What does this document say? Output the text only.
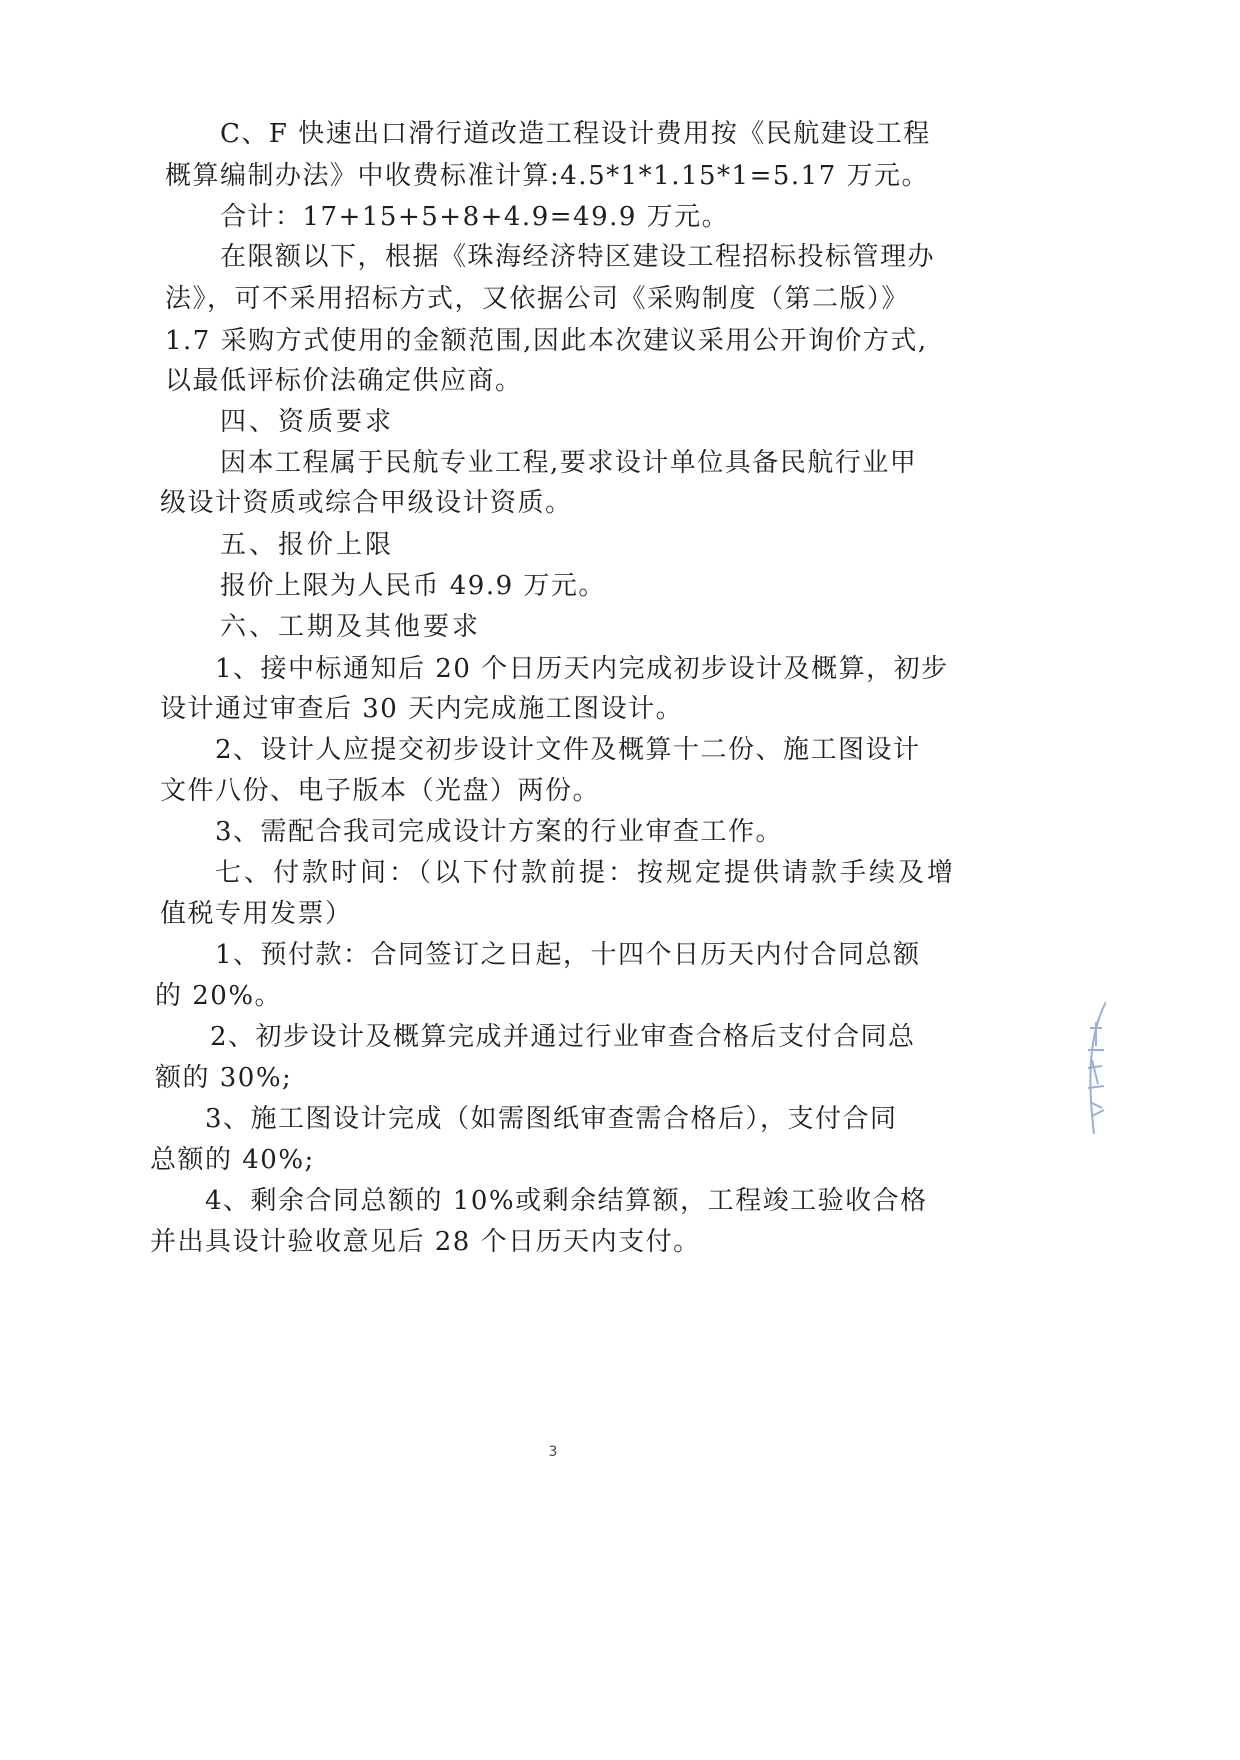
C、F 快速出口滑行道改造工程设计费用按《民航建设工程
概算编制办法》中收费标准计算:4.5*1*1.15*1=5.17 万元。
合计：17+15+5+8+4.9=49.9 万元。
在限额以下，根据《珠海经济特区建设工程招标投标管理办
法》，可不采用招标方式，又依据公司《采购制度（第二版）》
1.7 采购方式使用的金额范围,因此本次建议采用公开询价方式,
以最低评标价法确定供应商。
四、资质要求
因本工程属于民航专业工程,要求设计单位具备民航行业甲
级设计资质或综合甲级设计资质。
五、报价上限
报价上限为人民币 49.9 万元。
六、工期及其他要求
1、接中标通知后 20 个日历天内完成初步设计及概算，初步
设计通过审查后 30 天内完成施工图设计。
2、设计人应提交初步设计文件及概算十二份、施工图设计
文件八份、电子版本（光盘）两份。
3、需配合我司完成设计方案的行业审查工作。
七、付款时间：（以下付款前提：按规定提供请款手续及增
值税专用发票）
1、预付款：合同签订之日起，十四个日历天内付合同总额
的 20%。
2、初步设计及概算完成并通过行业审查合格后支付合同总
额的 30%;
3、施工图设计完成（如需图纸审查需合格后），支付合同
总额的 40%;
4、剩余合同总额的 10%或剩余结算额，工程竣工验收合格
并出具设计验收意见后 28 个日历天内支付。
3
